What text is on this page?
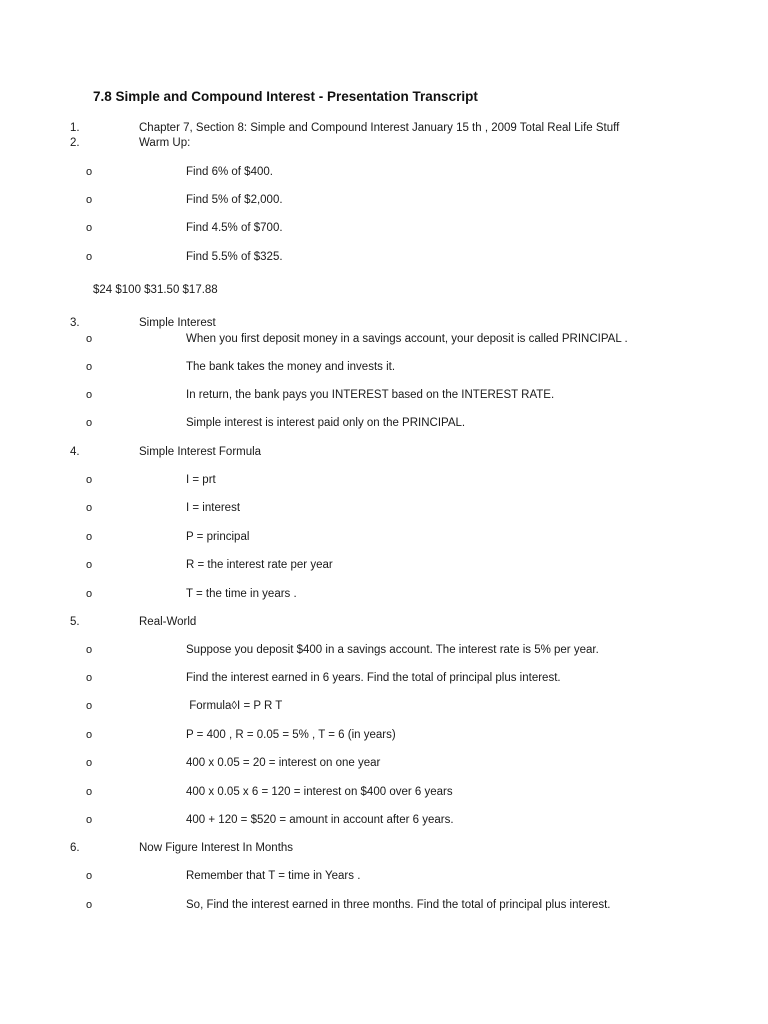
7.8 Simple and Compound Interest - Presentation Transcript
1.	Chapter 7, Section 8: Simple and Compound Interest January 15 th , 2009 Total Real Life Stuff
2.	Warm Up:
o	Find 6% of $400.
o	Find 5% of $2,000.
o	Find 4.5% of $700.
o	Find 5.5% of $325.
$24 $100 $31.50 $17.88
3.	Simple Interest
o	When you first deposit money in a savings account, your deposit is called PRINCIPAL .
o	The bank takes the money and invests it.
o	In return, the bank pays you INTEREST based on the INTEREST RATE.
o	Simple interest is interest paid only on the PRINCIPAL.
4.	Simple Interest Formula
o	I = prt
o	I = interest
o	P = principal
o	R = the interest rate per year
o	T = the time in years .
5.	Real-World
o	Suppose you deposit $400 in a savings account. The interest rate is 5% per year.
o	Find the interest earned in 6 years. Find the total of principal plus interest.
o	Formula◊I = P R T
o	P = 400 , R = 0.05 = 5% , T = 6 (in years)
o	400 x 0.05 = 20 = interest on one year
o	400 x 0.05 x 6 = 120 = interest on $400 over 6 years
o	400 + 120 = $520 = amount in account after 6 years.
6.	Now Figure Interest In Months
o	Remember that T = time in Years .
o	So, Find the interest earned in three months. Find the total of principal plus interest.
